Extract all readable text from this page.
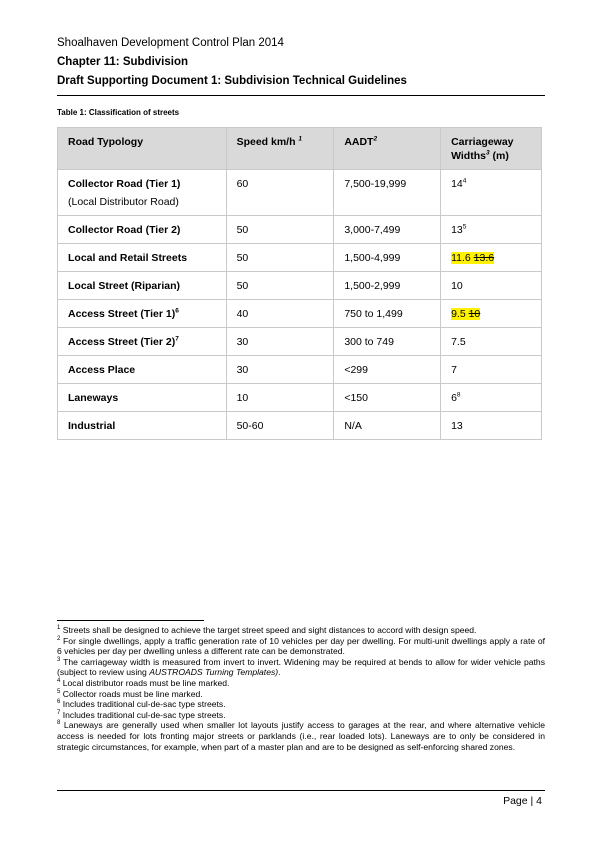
Shoalhaven Development Control Plan 2014
Chapter 11: Subdivision
Draft Supporting Document 1: Subdivision Technical Guidelines
Table 1: Classification of streets
Road Typology	Speed km/h $^1$	AADT$^2$	Carriageway
Widths$^3$ (m)
Collector Road (Tier 1)
(Local Distributor Road)	60	7,500-19,999	$14^4$
Collector Road (Tier 2)	50	3,000-7,499	$13^5$
Local and Retail Streets	50	1,500-4,999	11.6 13.6
Local Street (Riparian)	50	1,500-2,999	10
Access Street (Tier 1)$^6$	40	750 to 1,499	9.5 10
Access Street (Tier 2)$^7$	30	300 to 749	7.5
Access Place	30	<299	7
Laneways	10	<150	$6^8$
Industrial	50-60	N/A	13
$^1$ Streets shall be designed to achieve the target street speed and sight distances to accord with design speed.
$^2$ For single dwellings, apply a traffic generation rate of 10 vehicles per day per dwelling. For multi-unit dwellings apply a rate of 6 vehicles per day per dwelling unless a different rate can be demonstrated.
$^3$ The carriageway width is measured from invert to invert. Widening may be required at bends to allow for wider vehicle paths (subject to review using AUSTROADS Turning Templates).
$^4$ Local distributor roads must be line marked.
$^5$ Collector roads must be line marked.
$^6$ Includes traditional cul-de-sac type streets.
$^7$ Includes traditional cul-de-sac type streets.
$^8$ Laneways are generally used when smaller lot layouts justify access to garages at the rear, and where alternative vehicle access is needed for lots fronting major streets or parklands (i.e., rear loaded lots). Laneways are to only be considered in strategic circumstances, for example, when part of a master plan and are to be designed as self-enforcing shared zones.
Page | 4
